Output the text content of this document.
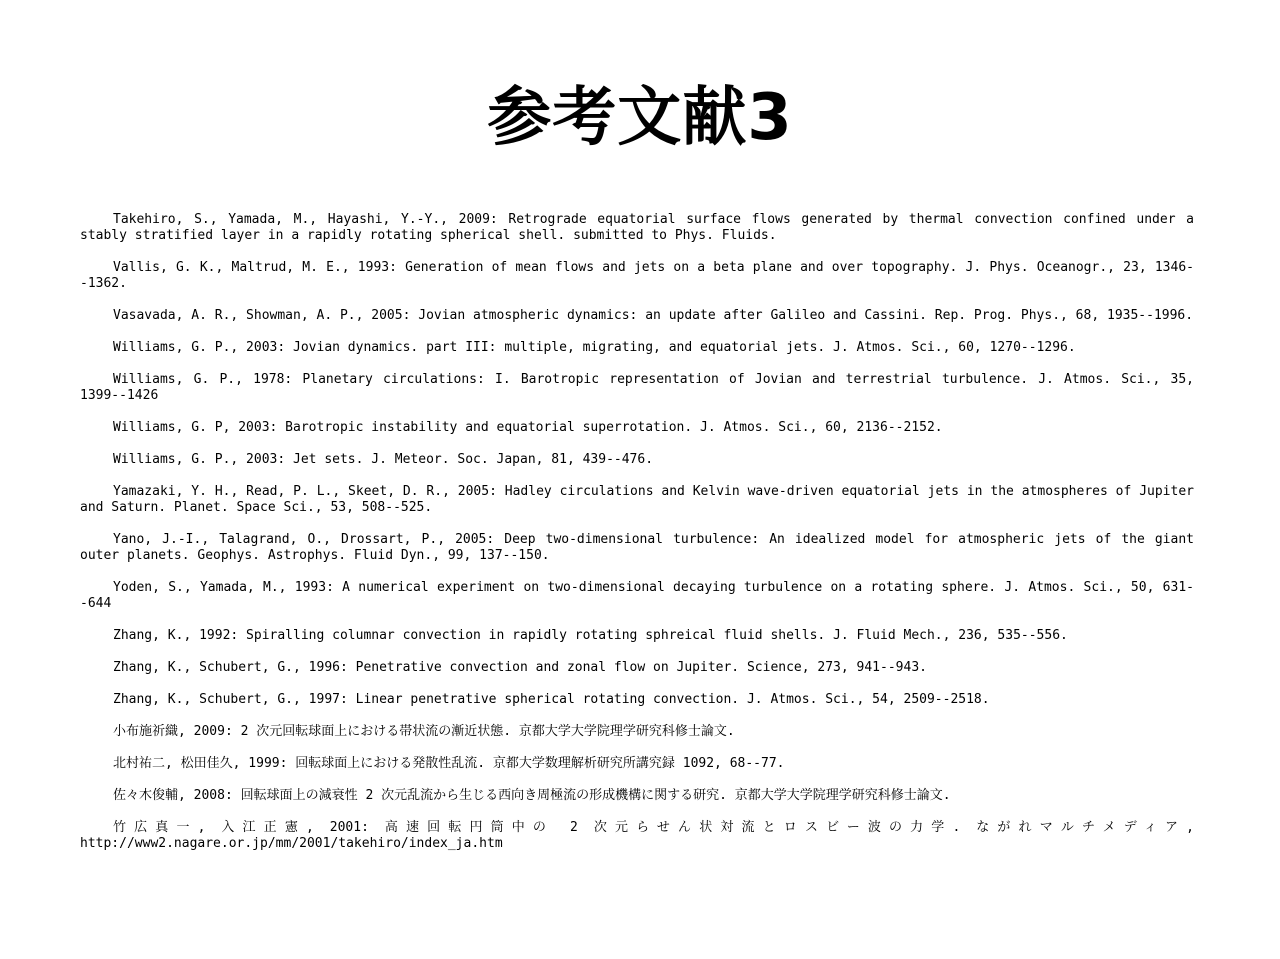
参考文献3

Takehiro, S., Yamada, M., Hayashi, Y.-Y., 2009: Retrograde equatorial surface flows generated by thermal convection confined under a stably stratified layer in a rapidly rotating spherical shell. submitted to Phys. Fluids.

Vallis, G. K., Maltrud, M. E., 1993: Generation of mean flows and jets on a beta plane and over topography. J. Phys. Oceanogr., 23, 1346--1362.

Vasavada, A. R., Showman, A. P., 2005: Jovian atmospheric dynamics: an update after Galileo and Cassini. Rep. Prog. Phys., 68, 1935--1996.

Williams, G. P., 2003: Jovian dynamics. part III: multiple, migrating, and equatorial jets. J. Atmos. Sci., 60, 1270--1296.

Williams, G. P., 1978: Planetary circulations: I. Barotropic representation of Jovian and terrestrial turbulence. J. Atmos. Sci., 35, 1399--1426

Williams, G. P, 2003: Barotropic instability and equatorial superrotation. J. Atmos. Sci., 60, 2136--2152.

Williams, G. P., 2003: Jet sets. J. Meteor. Soc. Japan, 81, 439--476.

Yamazaki, Y. H., Read, P. L., Skeet, D. R., 2005: Hadley circulations and Kelvin wave-driven equatorial jets in the atmospheres of Jupiter and Saturn. Planet. Space Sci., 53, 508--525.

Yano, J.-I., Talagrand, O., Drossart, P., 2005: Deep two-dimensional turbulence: An idealized model for atmospheric jets of the giant outer planets. Geophys. Astrophys. Fluid Dyn., 99, 137--150.

Yoden, S., Yamada, M., 1993: A numerical experiment on two-dimensional decaying turbulence on a rotating sphere. J. Atmos. Sci., 50, 631--644

Zhang, K., 1992: Spiralling columnar convection in rapidly rotating sphreical fluid shells. J. Fluid Mech., 236, 535--556.

Zhang, K., Schubert, G., 1996: Penetrative convection and zonal flow on Jupiter. Science, 273, 941--943.

Zhang, K., Schubert, G., 1997: Linear penetrative spherical rotating convection. J. Atmos. Sci., 54, 2509--2518.

小布施祈織, 2009: 2 次元回転球面上における帯状流の漸近状態. 京都大学大学院理学研究科修士論文.

北村祐二, 松田佳久, 1999: 回転球面上における発散性乱流. 京都大学数理解析研究所講究録 1092, 68--77.

佐々木俊輔, 2008: 回転球面上の減衰性 2 次元乱流から生じる西向き周極流の形成機構に関する研究. 京都大学大学院理学研究科修士論文.

竹広真一, 入江正憲, 2001: 高速回転円筒中の 2 次元らせん状対流とロスビー波の力学. ながれマルチメディア, http://www2.nagare.or.jp/mm/2001/takehiro/index_ja.htm
